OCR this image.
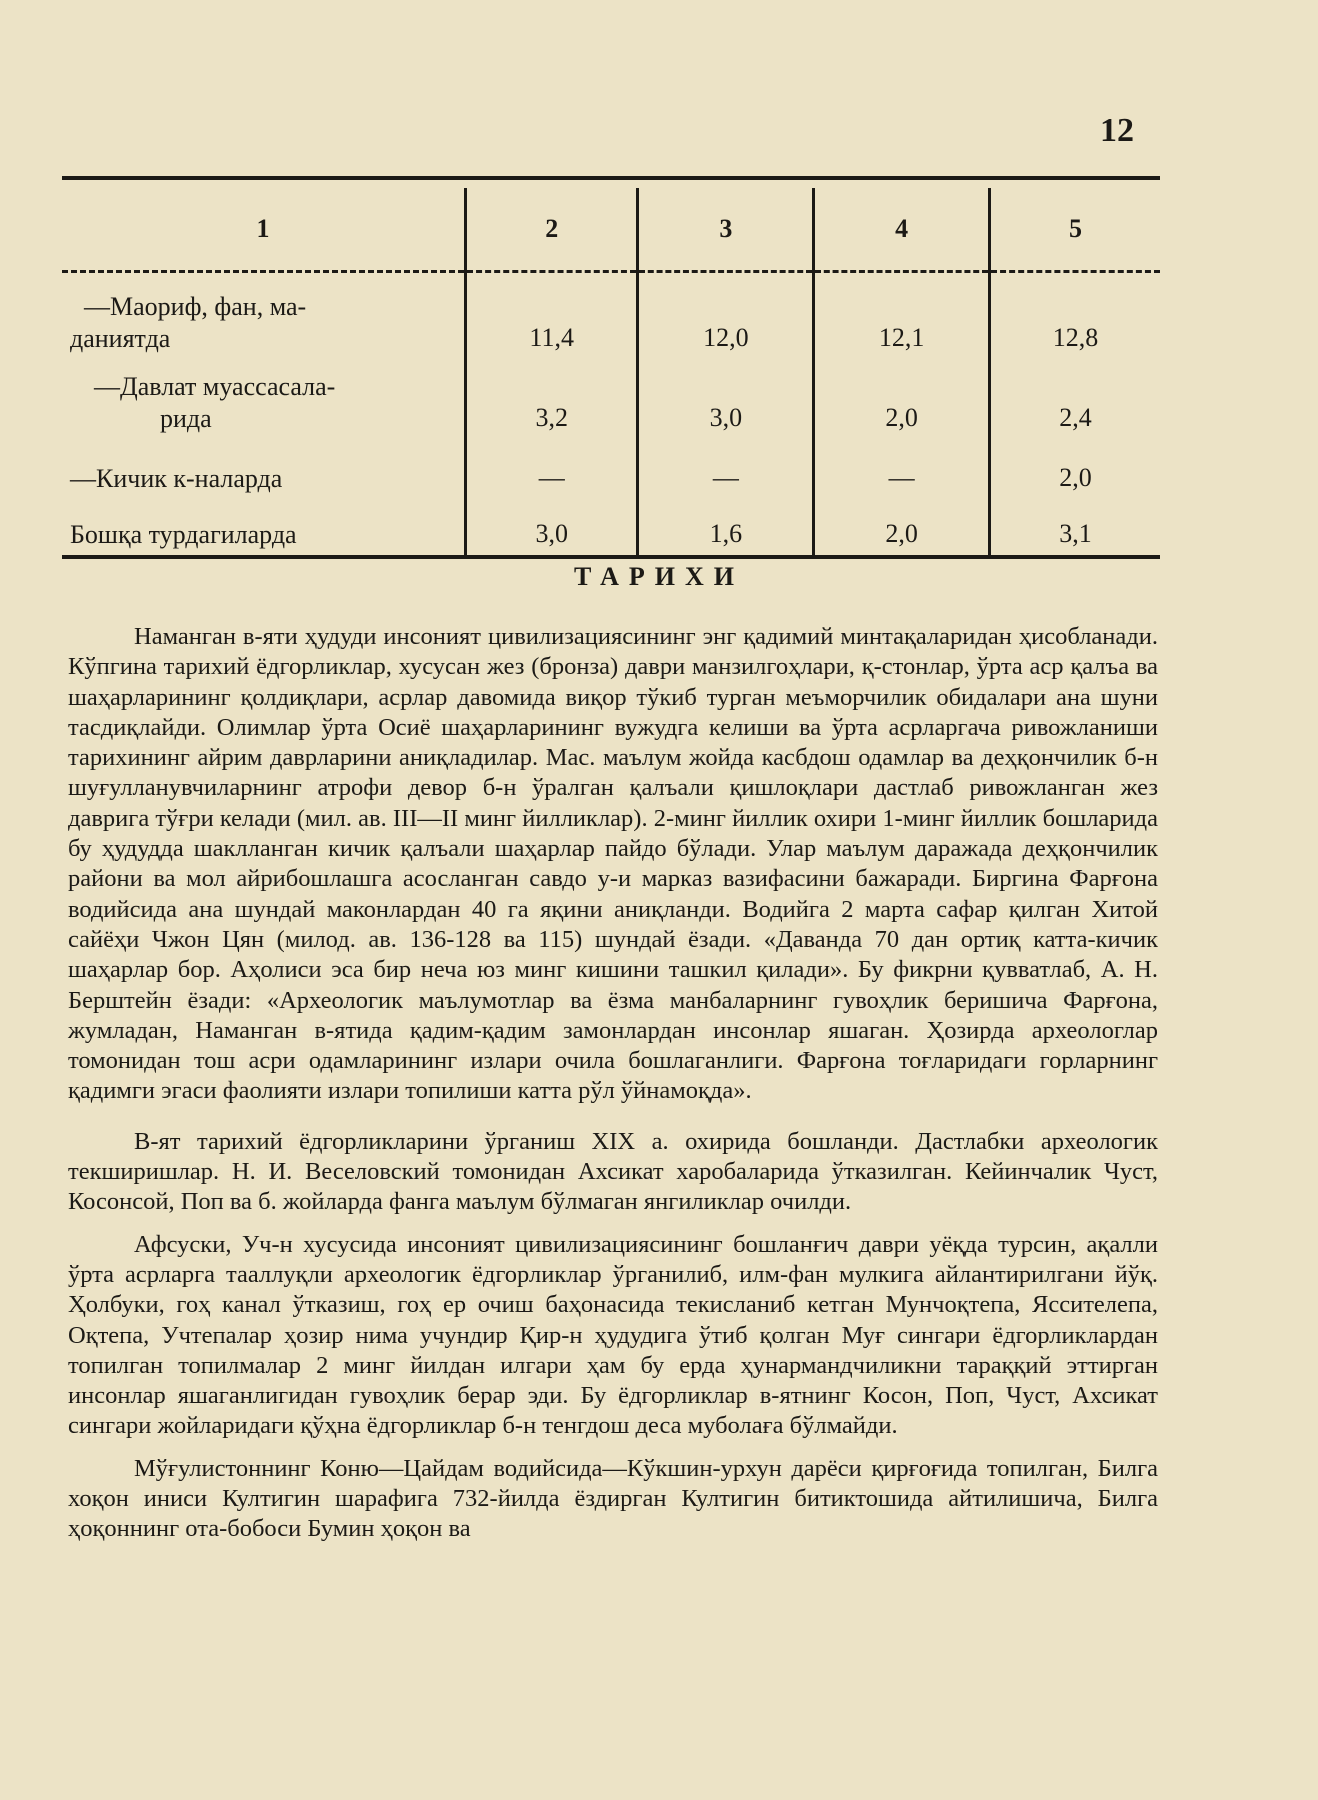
12
1	2	3	4	5

—Маориф, фан, ма-
даниятда	11,4	12,0	12,1	12,8

—Давлат муассасала-
рида	3,2	3,0	2,0	2,4

—Кичик к-наларда	—	—	—	2,0

Бошқа турдагиларда	3,0	1,6	2,0	3,1
ТАРИХИ

Наманган в-яти ҳудуди инсоният цивилизациясининг энг қадимий минтақаларидан ҳисобланади. Кўпгина тарихий ёдгорликлар, хусусан жез (бронза) даври манзилгоҳлари, қ-стонлар, ўрта аср қалъа ва шаҳарларининг қолдиқлари, асрлар давомида виқор тўкиб турган меъморчилик обидалари ана шуни тасдиқлайди. Олимлар ўрта Осиё шаҳарларининг вужудга келиши ва ўрта асрларгача ривожланиши тарихининг айрим даврларини аниқладилар. Мас. маълум жойда касбдош одамлар ва деҳқончилик б-н шуғулланувчиларнинг атрофи девор б-н ўралган қалъали қишлоқлари дастлаб ривожланган жез даврига тўғри келади (мил. ав. III—II минг йилликлар). 2-минг йиллик охири 1-минг йиллик бошларида бу ҳудудда шаклланган кичик қалъали шаҳарлар пайдо бўлади. Улар маълум даражада деҳқончилик райони ва мол айрибошлашга асосланган савдо у-и марказ вазифасини бажаради. Биргина Фарғона водийсида ана шундай маконлардан 40 га яқини аниқланди. Водийга 2 марта сафар қилган Хитой сайёҳи Чжон Цян (милод. ав. 136-128 ва 115) шундай ёзади. «Даванда 70 дан ортиқ катта-кичик шаҳарлар бор. Аҳолиси эса бир неча юз минг кишини ташкил қилади». Бу фикрни қувватлаб, А. Н. Берштейн ёзади: «Археологик маълумотлар ва ёзма манбаларнинг гувоҳлик беришича Фарғона, жумладан, Наманган в-ятида қадим-қадим замонлардан инсонлар яшаган. Ҳозирда археологлар томонидан тош асри одамларининг излари очила бошлаганлиги. Фарғона тоғларидаги горларнинг қадимги эгаси фаолияти излари топилиши катта рўл ўйнамоқда».

В-ят тарихий ёдгорликларини ўрганиш XIX а. охирида бошланди. Дастлабки археологик текширишлар. Н. И. Веселовский томонидан Ахсикат харобаларида ўтказилган. Кейинчалик Чуст, Косонсой, Поп ва б. жойларда фанга маълум бўлмаган янгиликлар очилди.

Афсуски, Уч-н хусусида инсоният цивилизациясининг бошланғич даври уёқда турсин, ақалли ўрта асрларга тааллуқли археологик ёдгорликлар ўрганилиб, илм-фан мулкига айлантирилгани йўқ. Ҳолбуки, гоҳ канал ўтказиш, гоҳ ер очиш баҳонасида текисланиб кетган Мунчоқтепа, Яссителепа, Оқтепа, Учтепалар ҳозир нима учундир Қир-н ҳудудига ўтиб қолган Муғ сингари ёдгорликлардан топилган топилмалар 2 минг йилдан илгари ҳам бу ерда ҳунармандчиликни тараққий эттирган инсонлар яшаганлигидан гувоҳлик берар эди. Бу ёдгорликлар в-ятнинг Косон, Поп, Чуст, Ахсикат сингари жойларидаги қўҳна ёдгорликлар б-н тенгдош деса муболаға бўлмайди.

Мўғулистоннинг Коню—Цайдам водийсида—Кўкшин-урхун дарёси қирғоғида топилган, Билга хоқон иниси Култигин шарафига 732-йилда ёздирган Култигин битиктошида айтилишича, Билга ҳоқоннинг ота-бобоси Бумин ҳоқон ва
